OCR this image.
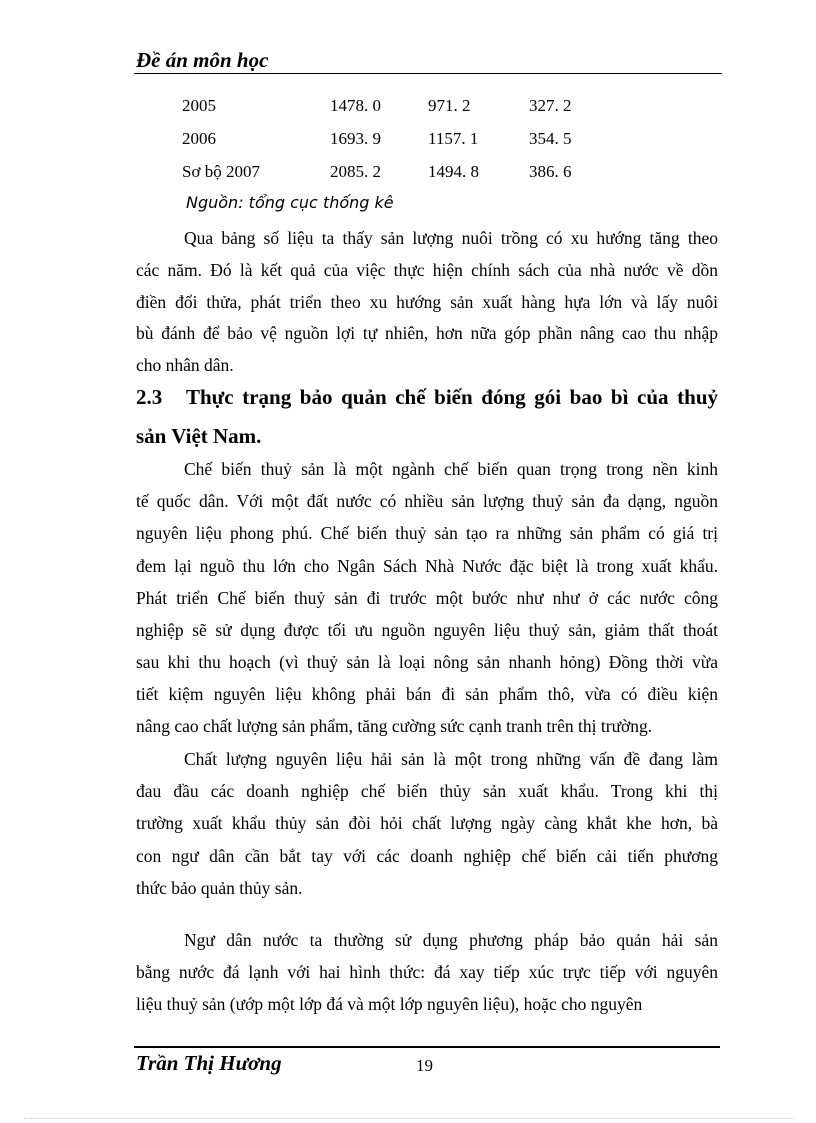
Đề án môn học
2005	1478. 0	971. 2	327. 2
2006	1693. 9	1157. 1	354. 5
Sơ bộ 2007	2085. 2	1494. 8	386. 6
Nguồn: tổng cục thống kê
Qua bảng số liệu ta thấy sản lượng nuôi trồng có xu hướng tăng theo
các năm. Đó là kết quả của việc thực hiện chính sách của nhà nước về dồn
điền đổi thửa, phát triển theo xu hướng sản xuất hàng hựa lớn và lấy nuôi
bù đánh để bảo vệ nguồn lợi tự nhiên, hơn nữa góp phần nâng cao thu nhập
cho nhân dân.
2.3 Thực trạng bảo quản chế biến đóng gói bao bì của thuỷ
sản Việt Nam.
Chế biến thuỷ sản là một ngành chế biến quan trọng trong nền kinh
tế quốc dân. Với một đất nước có nhiều sản lượng thuỷ sản đa dạng, nguồn
nguyên liệu phong phú. Chế biến thuỷ sản tạo ra những sản phẩm có giá trị
đem lại nguồ thu lớn cho Ngân Sách Nhà Nước đặc biệt là trong xuất khẩu.
Phát triển Chế biến thuỷ sản đi trước một bước như như ở các nước công
nghiệp sẽ sử dụng được tối ưu nguồn nguyên liệu thuỷ sản, giảm thất thoát
sau khi thu hoạch (vì thuỷ sản là loại nông sản nhanh hỏng) Đồng thời vừa
tiết kiệm nguyên liệu không phải bán đi sản phẩm thô, vừa có điều kiện
nâng cao chất lượng sản phẩm, tăng cường sức cạnh tranh trên thị trường.
Chất lượng nguyên liệu hải sản là một trong những vấn đề đang làm
đau đầu các doanh nghiệp chế biến thủy sản xuất khẩu. Trong khi thị
trường xuất khẩu thủy sản đòi hỏi chất lượng ngày càng khắt khe hơn, bà
con ngư dân cần bắt tay với các doanh nghiệp chế biến cải tiến phương
thức bảo quản thủy sản.
Ngư dân nước ta thường sử dụng phương pháp bảo quản hải sản
bằng nước đá lạnh với hai hình thức: đá xay tiếp xúc trực tiếp với nguyên
liệu thuỷ sản (ướp một lớp đá và một lớp nguyên liệu), hoặc cho nguyên
Trần Thị Hương	19
